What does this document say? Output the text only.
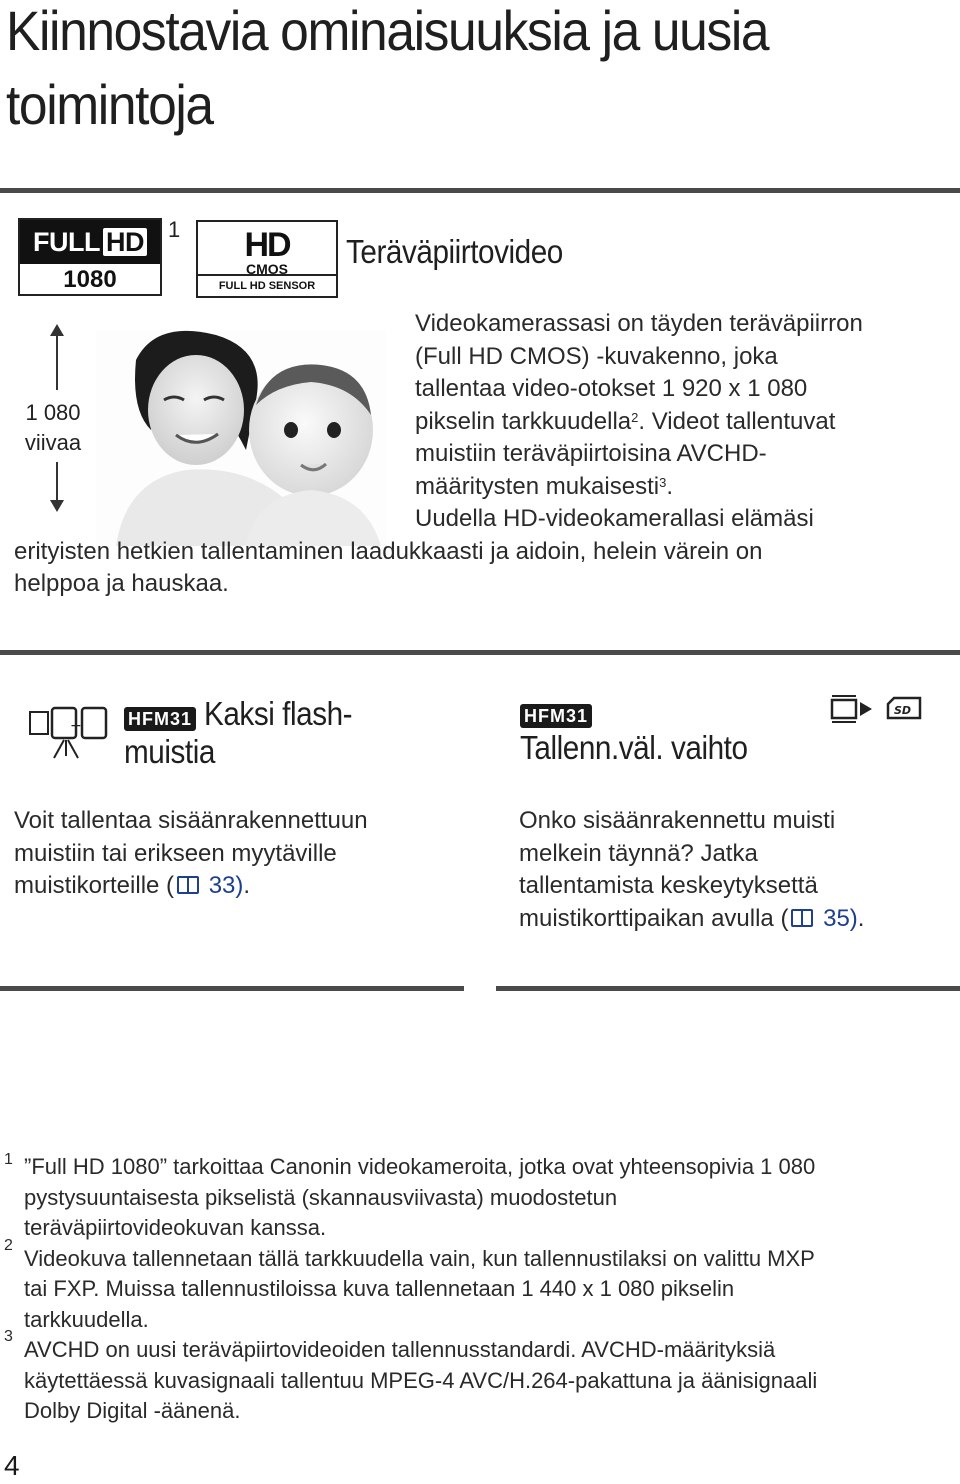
Kiinnostavia ominaisuuksia ja uusia toimintoja
FULL HD
1080
1	HD
CMOS
FULL HD SENSOR
Teräväpiirtovideo
1 080
viivaa
Videokamerassasi on täyden teräväpiirron
(Full HD CMOS) -kuvakenno, joka
tallentaa video-otokset 1 920 x 1 080
pikselin tarkkuudella$^2$. Videot tallentuvat
muistiin teräväpiirtoisina AVCHD-
määritysten mukaisesti$^3$.
Uudella HD-videokamerallasi elämäsi
erityisten hetkien tallentaminen laadukkaasti ja aidoin, helein värein on
helppoa ja hauskaa.
+	HFM31 Kaksi flash-
muistia
Voit tallentaa sisäänrakennettuun
muistiin tai erikseen myytäville
muistikorteille ( 33).
HFM31
Tallenn.väl. vaihto
SD
Onko sisäänrakennettu muisti
melkein täynnä? Jatka
tallentamista keskeytyksettä
muistikorttipaikan avulla ( 35).
1 ”Full HD 1080” tarkoittaa Canonin videokameroita, jotka ovat yhteensopivia 1 080
pystysuuntaisesta pikselistä (skannausviivasta) muodostetun
teräväpiirtovideokuvan kanssa.
2
Videokuva tallennetaan tällä tarkkuudella vain, kun tallennustilaksi on valittu MXP
tai FXP. Muissa tallennustiloissa kuva tallennetaan 1 440 x 1 080 pikselin
tarkkuudella.
3
AVCHD on uusi teräväpiirtovideoiden tallennusstandardi. AVCHD-määrityksiä
käytettäessä kuvasignaali tallentuu MPEG-4 AVC/H.264-pakattuna ja äänisignaali
Dolby Digital -äänenä.
4
